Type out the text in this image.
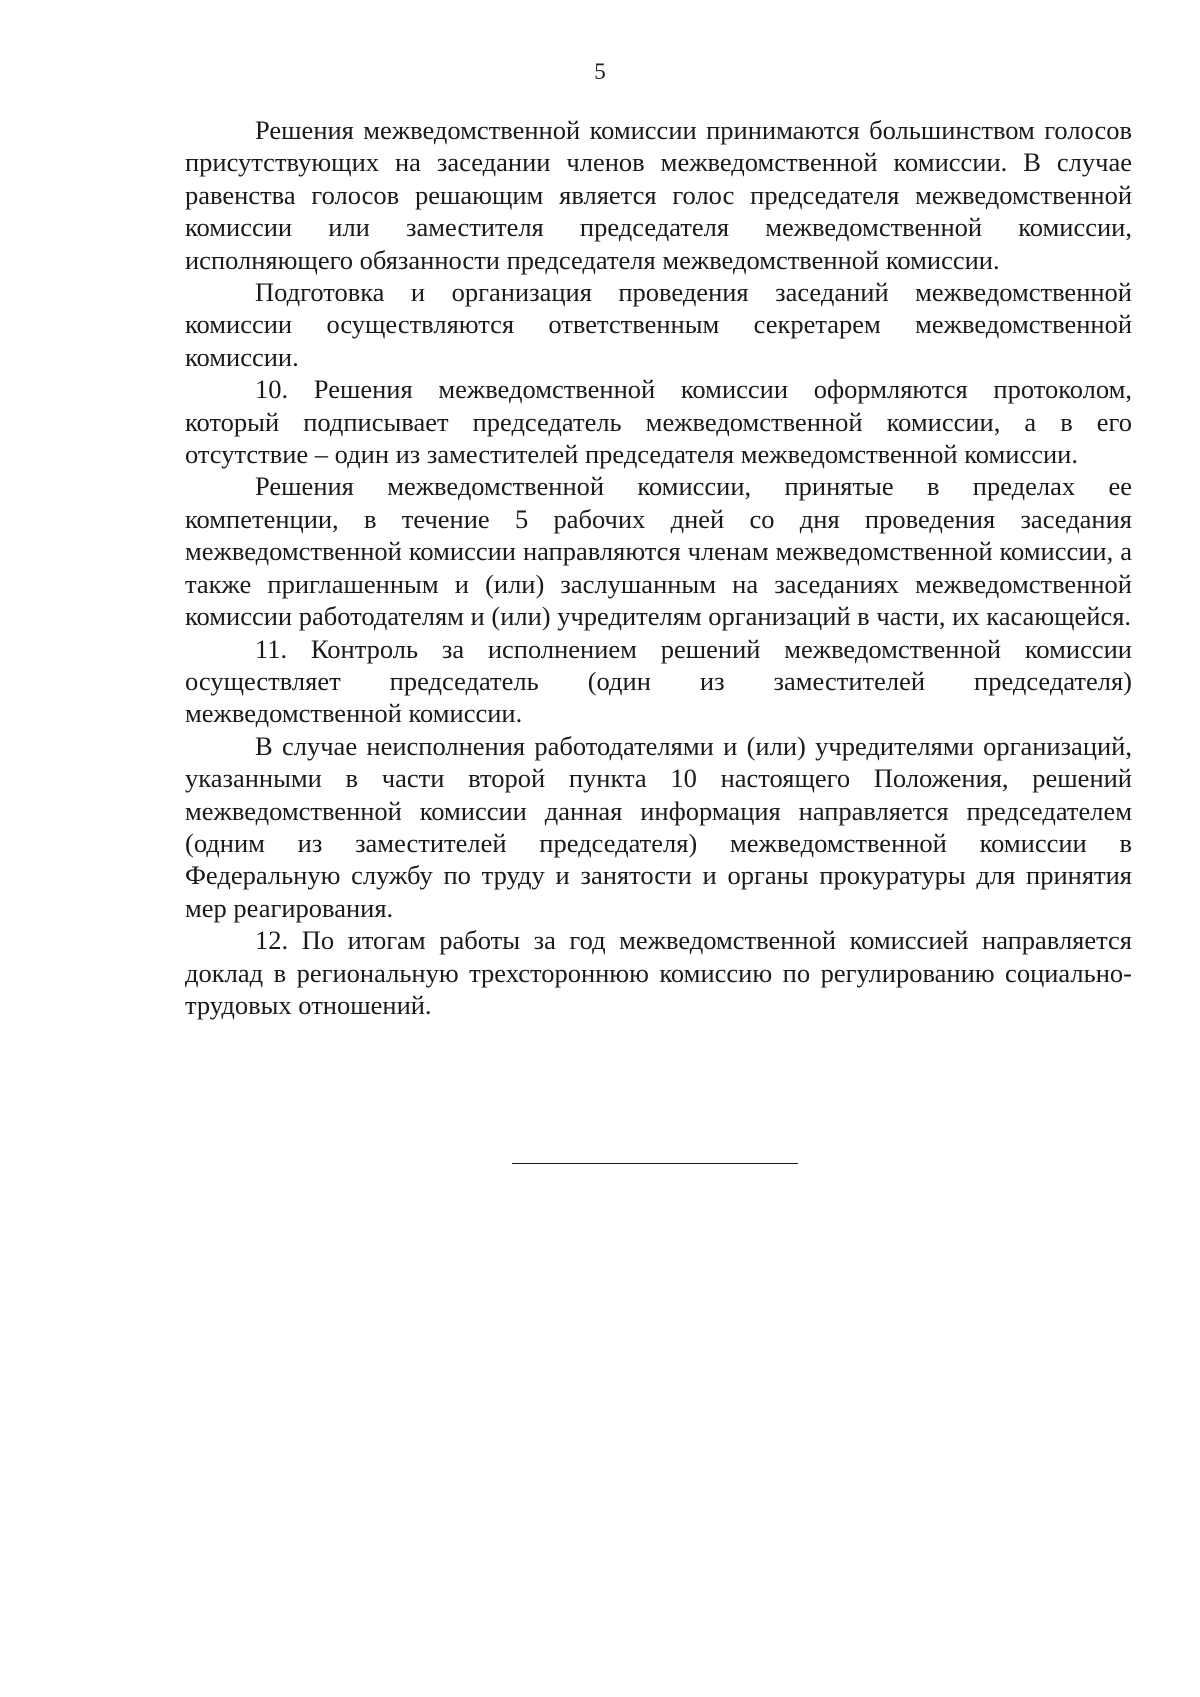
5

Решения межведомственной комиссии принимаются большинством голосов присутствующих на заседании членов межведомственной комиссии. В случае равенства голосов решающим является голос председателя межведомственной комиссии или заместителя председателя межведомственной комиссии, исполняющего обязанности председателя межведомственной комиссии.

Подготовка и организация проведения заседаний межведомственной комиссии осуществляются ответственным секретарем межведомственной комиссии.

10. Решения межведомственной комиссии оформляются протоколом, который подписывает председатель межведомственной комиссии, а в его отсутствие – один из заместителей председателя межведомственной комиссии.

Решения межведомственной комиссии, принятые в пределах ее компетенции, в течение 5 рабочих дней со дня проведения заседания межведомственной комиссии направляются членам межведомственной комиссии, а также приглашенным и (или) заслушанным на заседаниях межведомственной комиссии работодателям и (или) учредителям организаций в части, их касающейся.

11. Контроль за исполнением решений межведомственной комиссии осуществляет председатель (один из заместителей председателя) межведомственной комиссии.

В случае неисполнения работодателями и (или) учредителями организаций, указанными в части второй пункта 10 настоящего Положения, решений межведомственной комиссии данная информация направляется председателем (одним из заместителей председателя) межведомственной комиссии в Федеральную службу по труду и занятости и органы прокуратуры для принятия мер реагирования.

12. По итогам работы за год межведомственной комиссией направляется доклад в региональную трехстороннюю комиссию по регулированию социально-трудовых отношений.
